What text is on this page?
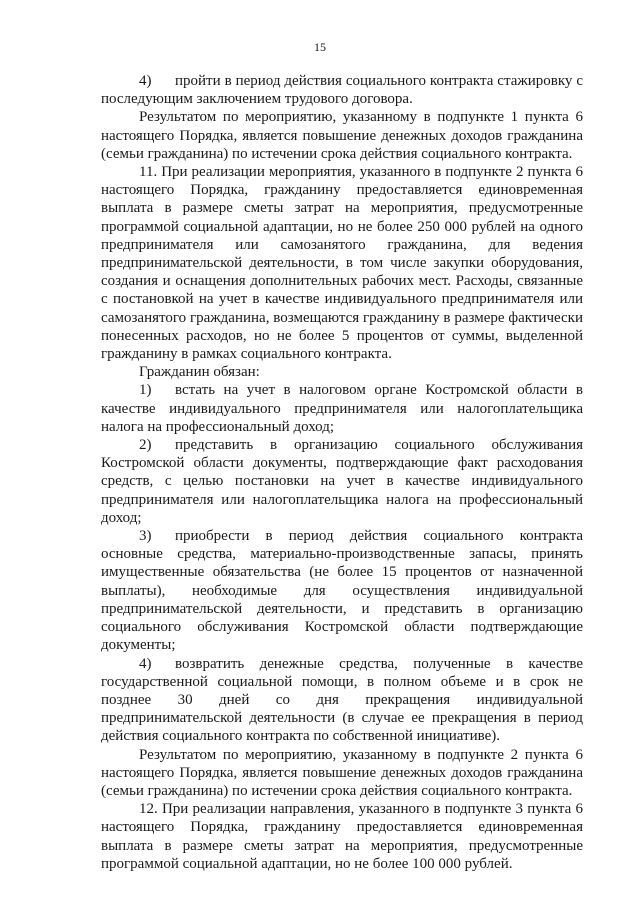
15

4) пройти в период действия социального контракта стажировку с последующим заключением трудового договора.

Результатом по мероприятию, указанному в подпункте 1 пункта 6 настоящего Порядка, является повышение денежных доходов гражданина (семьи гражданина) по истечении срока действия социального контракта.

11. При реализации мероприятия, указанного в подпункте 2 пункта 6 настоящего Порядка, гражданину предоставляется единовременная выплата в размере сметы затрат на мероприятия, предусмотренные программой социальной адаптации, но не более 250 000 рублей на одного предпринимателя или самозанятого гражданина, для ведения предпринимательской деятельности, в том числе закупки оборудования, создания и оснащения дополнительных рабочих мест. Расходы, связанные с постановкой на учет в качестве индивидуального предпринимателя или самозанятого гражданина, возмещаются гражданину в размере фактически понесенных расходов, но не более 5 процентов от суммы, выделенной гражданину в рамках социального контракта.

Гражданин обязан:

1) встать на учет в налоговом органе Костромской области в качестве индивидуального предпринимателя или налогоплательщика налога на профессиональный доход;

2) представить в организацию социального обслуживания Костромской области документы, подтверждающие факт расходования средств, с целью постановки на учет в качестве индивидуального предпринимателя или налогоплательщика налога на профессиональный доход;

3) приобрести в период действия социального контракта основные средства, материально-производственные запасы, принять имущественные обязательства (не более 15 процентов от назначенной выплаты), необходимые для осуществления индивидуальной предпринимательской деятельности, и представить в организацию социального обслуживания Костромской области подтверждающие документы;

4) возвратить денежные средства, полученные в качестве государственной социальной помощи, в полном объеме и в срок не позднее 30 дней со дня прекращения индивидуальной предпринимательской деятельности (в случае ее прекращения в период действия социального контракта по собственной инициативе).

Результатом по мероприятию, указанному в подпункте 2 пункта 6 настоящего Порядка, является повышение денежных доходов гражданина (семьи гражданина) по истечении срока действия социального контракта.

12. При реализации направления, указанного в подпункте 3 пункта 6 настоящего Порядка, гражданину предоставляется единовременная выплата в размере сметы затрат на мероприятия, предусмотренные программой социальной адаптации, но не более 100 000 рублей.
